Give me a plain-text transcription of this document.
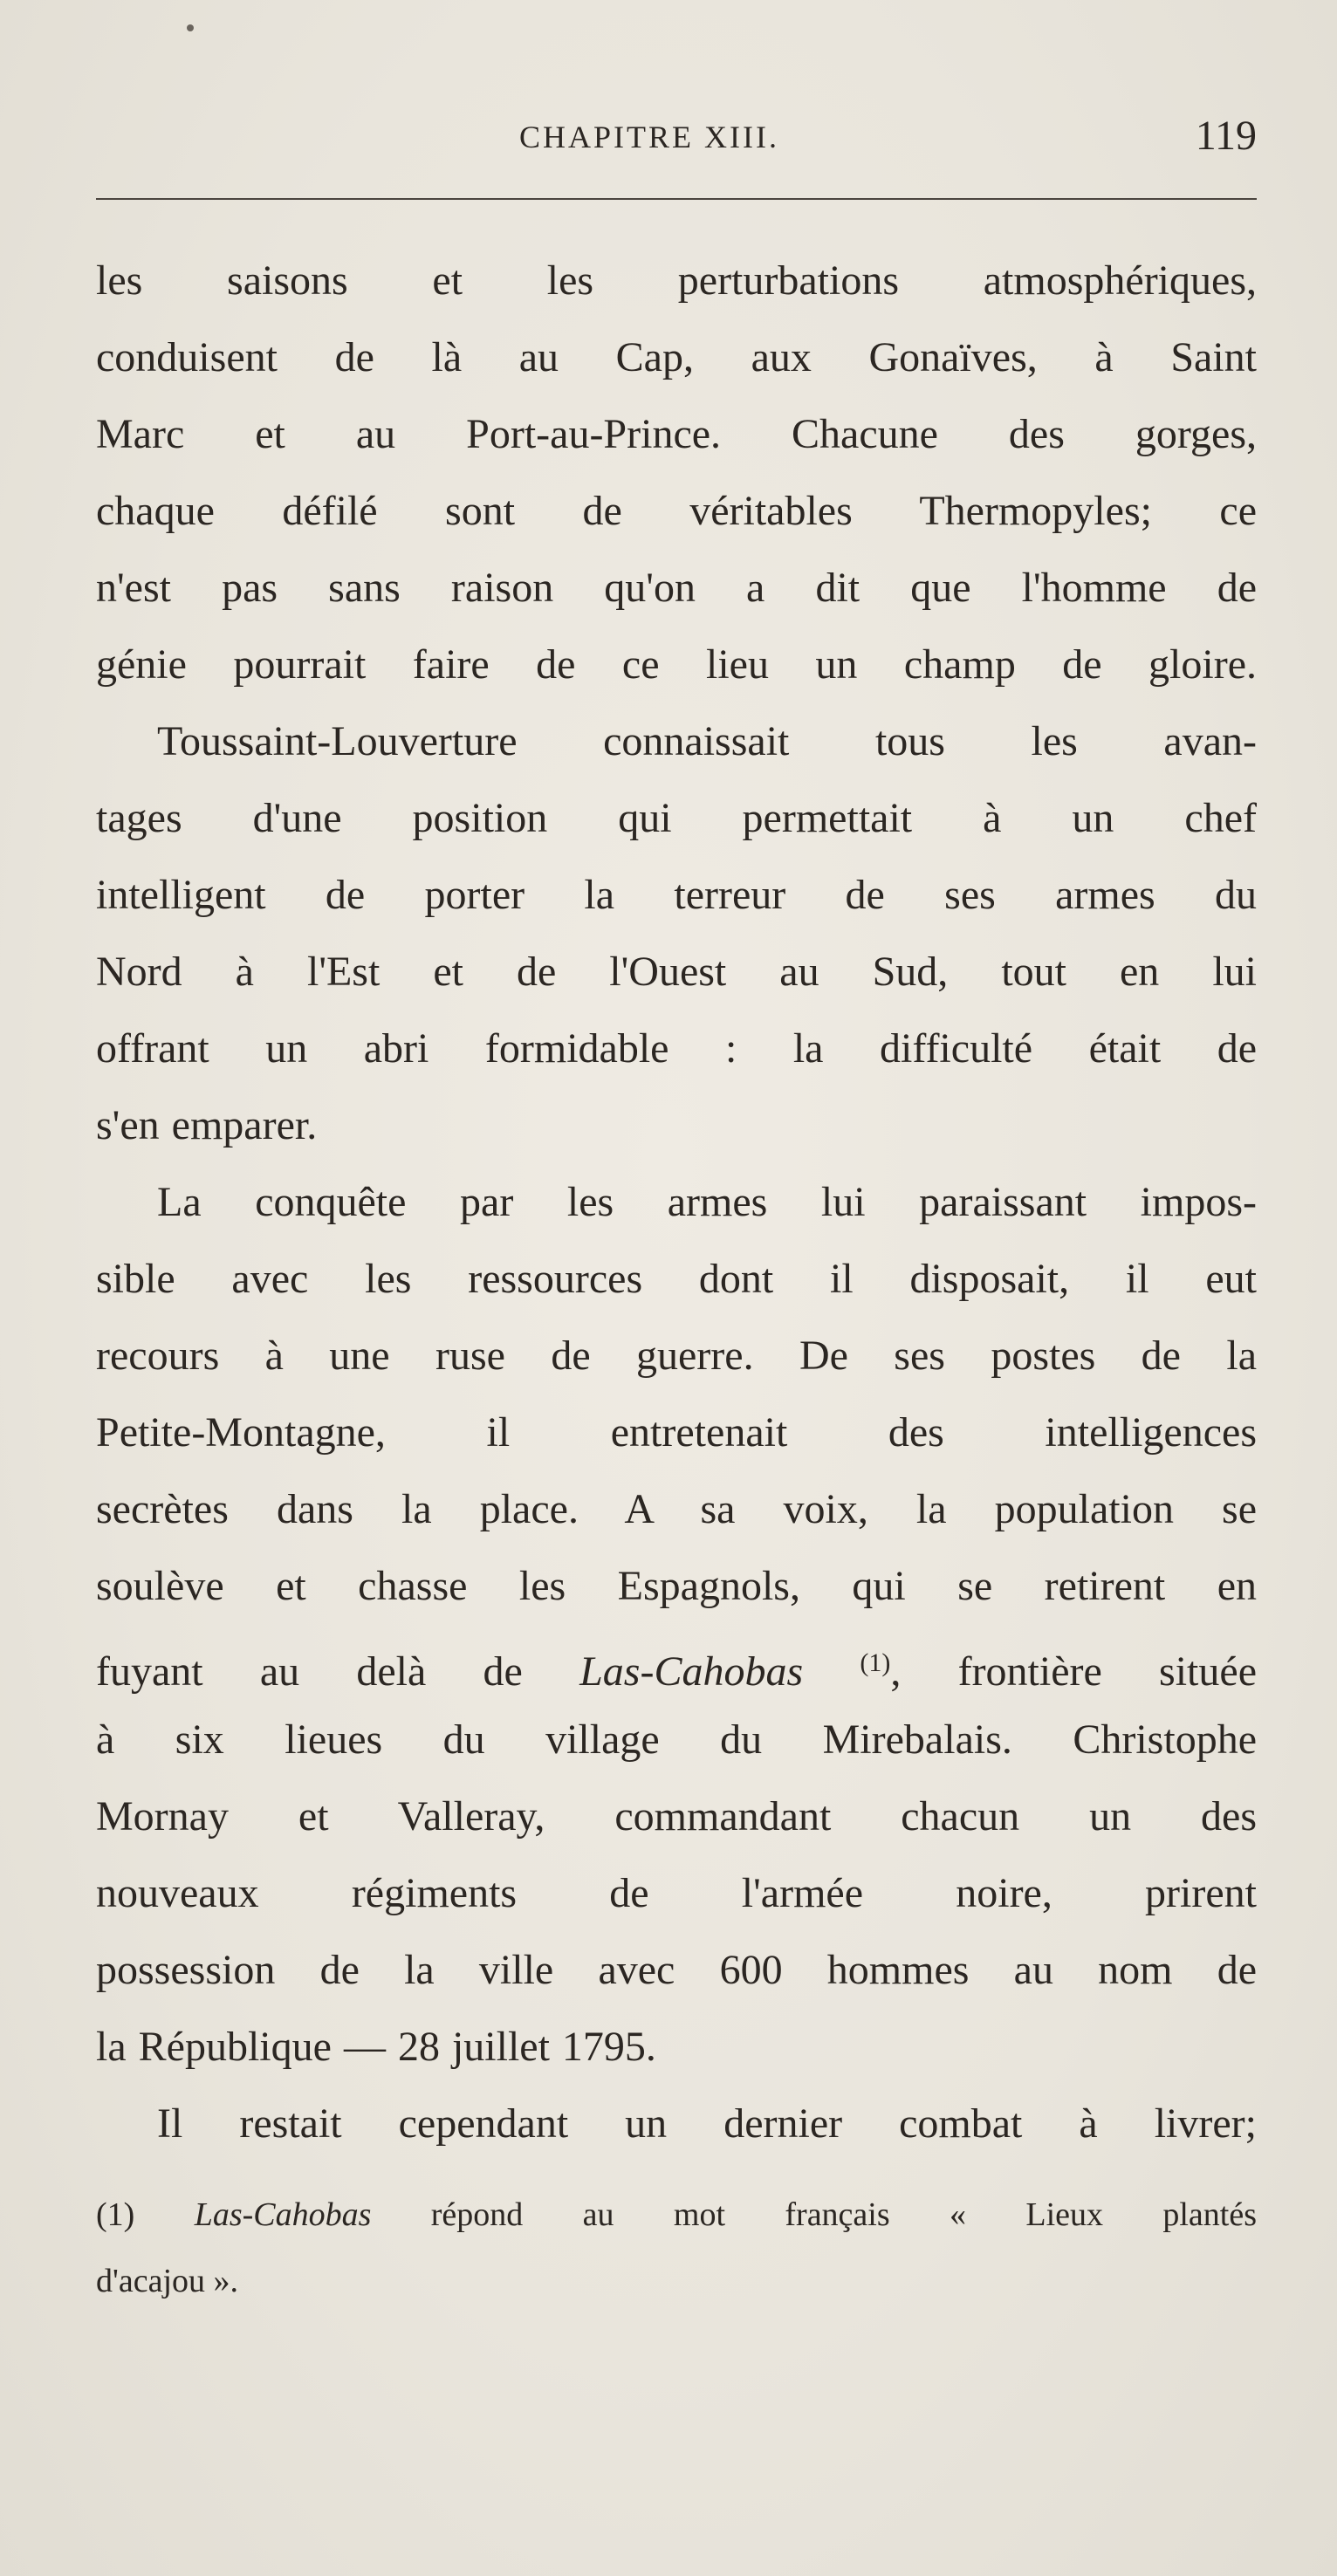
CHAPITRE XIII.	119
les saisons et les perturbations atmosphériques,
conduisent de là au Cap, aux Gonaïves, à Saint
Marc et au Port-au-Prince. Chacune des gorges,
chaque défilé sont de véritables Thermopyles; ce
n'est pas sans raison qu'on a dit que l'homme de
génie pourrait faire de ce lieu un champ de gloire.
Toussaint-Louverture connaissait tous les avan-
tages d'une position qui permettait à un chef
intelligent de porter la terreur de ses armes du
Nord à l'Est et de l'Ouest au Sud, tout en lui
offrant un abri formidable : la difficulté était de
s'en emparer.
La conquête par les armes lui paraissant impos-
sible avec les ressources dont il disposait, il eut
recours à une ruse de guerre. De ses postes de la
Petite-Montagne, il entretenait des intelligences
secrètes dans la place. A sa voix, la population se
soulève et chasse les Espagnols, qui se retirent en
fuyant au delà de Las-Cahobas $^{(1)}$, frontière située
à six lieues du village du Mirebalais. Christophe
Mornay et Valleray, commandant chacun un des
nouveaux régiments de l'armée noire, prirent
possession de la ville avec 600 hommes au nom de
la République — 28 juillet 1795.
Il restait cependant un dernier combat à livrer;
(1) Las-Cahobas répond au mot français « Lieux plantés
d'acajou ».
